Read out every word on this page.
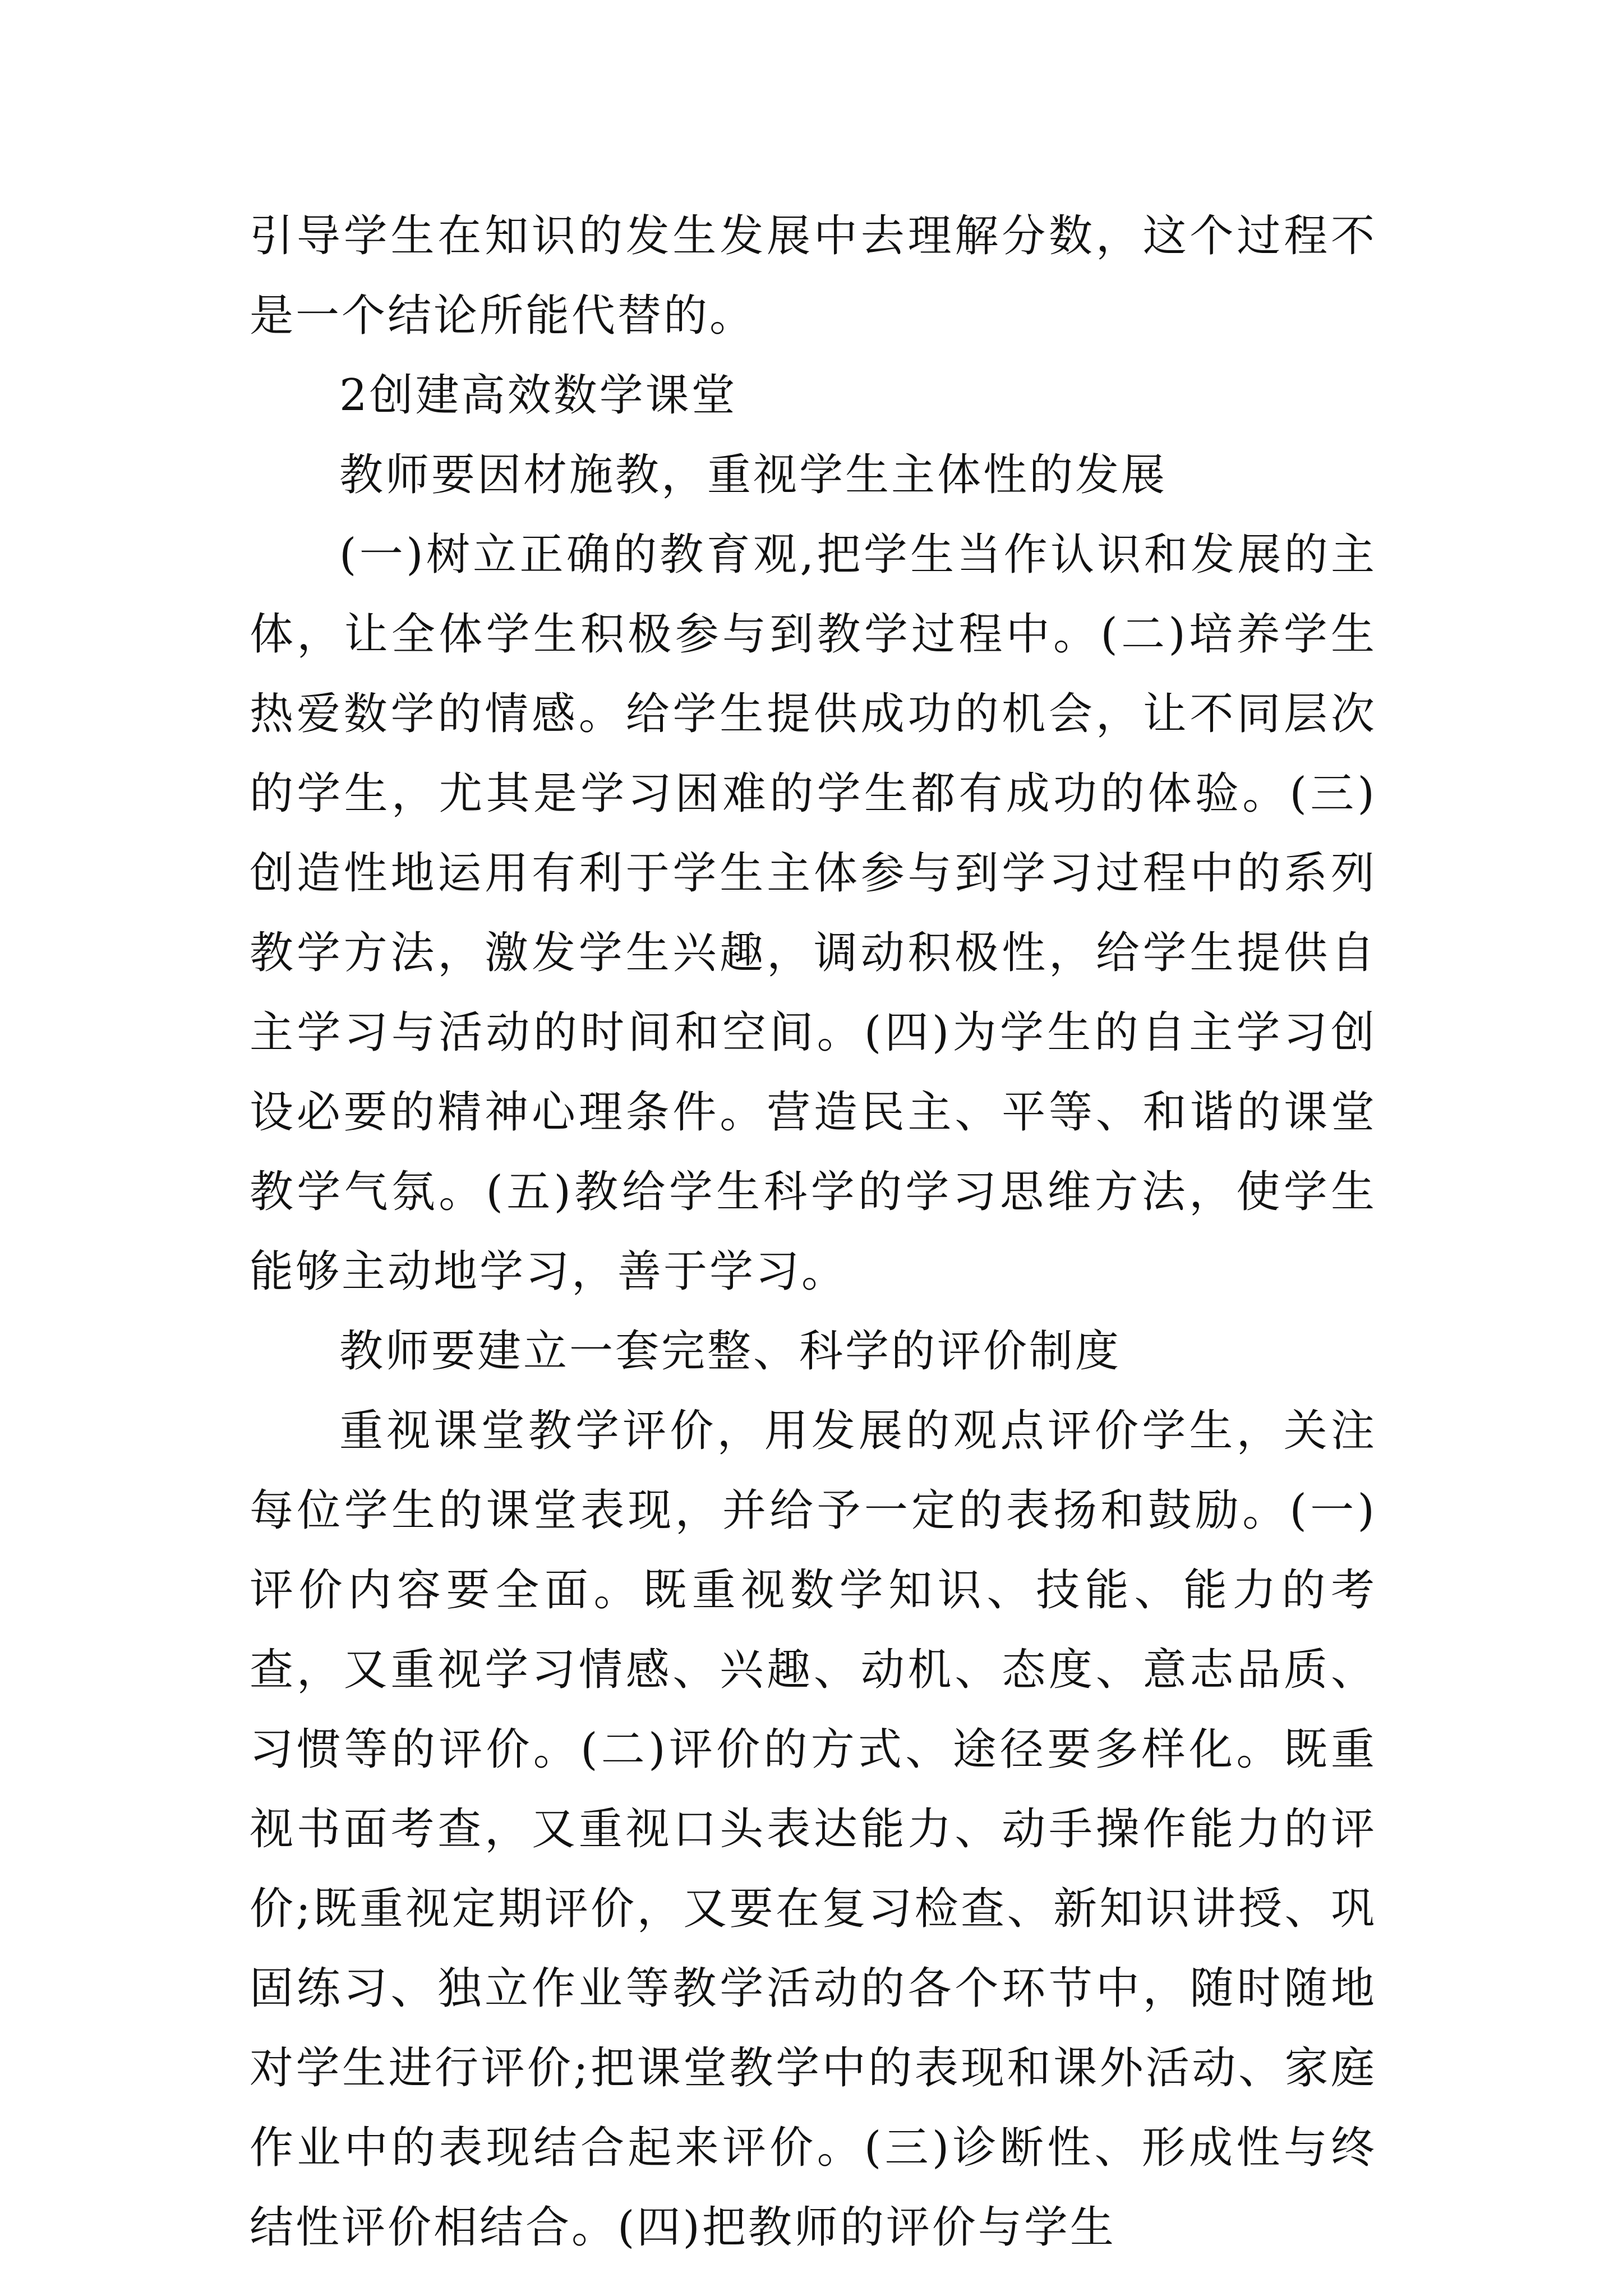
引导学生在知识的发生发展中去理解分数，这个过程不是一个结论所能代替的。

2创建高效数学课堂

教师要因材施教，重视学生主体性的发展

(一)树立正确的教育观,把学生当作认识和发展的主体，让全体学生积极参与到教学过程中。(二)培养学生热爱数学的情感。给学生提供成功的机会，让不同层次的学生，尤其是学习困难的学生都有成功的体验。(三)创造性地运用有利于学生主体参与到学习过程中的系列教学方法，激发学生兴趣，调动积极性，给学生提供自主学习与活动的时间和空间。(四)为学生的自主学习创设必要的精神心理条件。营造民主、平等、和谐的课堂教学气氛。(五)教给学生科学的学习思维方法，使学生能够主动地学习，善于学习。

教师要建立一套完整、科学的评价制度

重视课堂教学评价，用发展的观点评价学生，关注每位学生的课堂表现，并给予一定的表扬和鼓励。(一)评价内容要全面。既重视数学知识、技能、能力的考查，又重视学习情感、兴趣、动机、态度、意志品质、习惯等的评价。(二)评价的方式、途径要多样化。既重视书面考查，又重视口头表达能力、动手操作能力的评价;既重视定期评价，又要在复习检查、新知识讲授、巩固练习、独立作业等教学活动的各个环节中，随时随地对学生进行评价;把课堂教学中的表现和课外活动、家庭作业中的表现结合起来评价。(三)诊断性、形成性与终结性评价相结合。(四)把教师的评价与学生
